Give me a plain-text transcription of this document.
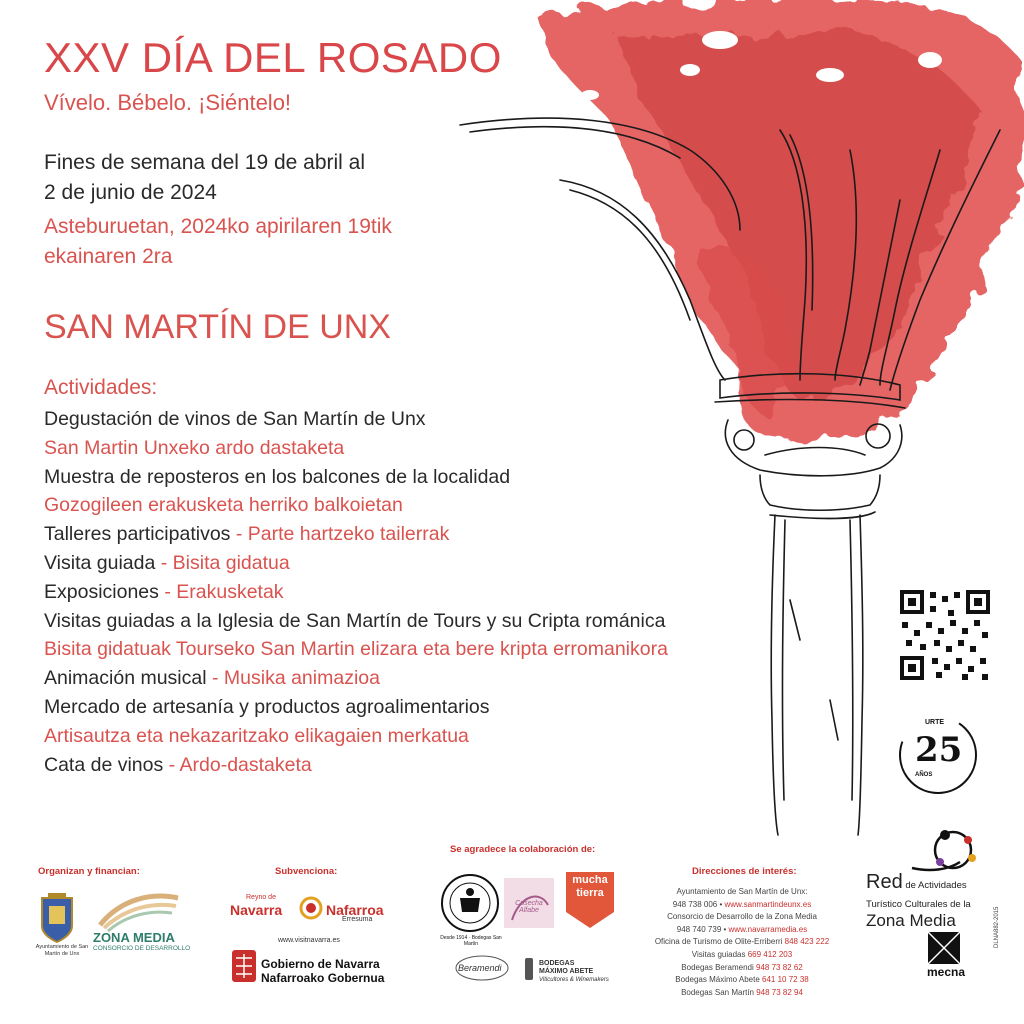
XXV DÍA DEL ROSADO
Vívelo. Bébelo. ¡Siéntelo!
Fines de semana del 19 de abril al
2 de junio de 2024
Asteburuetan, 2024ko apirilaren 19tik
ekainaren 2ra
SAN MARTÍN DE UNX
Actividades:
Degustación de vinos de San Martín de Unx
San Martin Unxeko ardo dastaketa
Muestra de reposteros en los balcones de la localidad
Gozogileen erakusketa herriko balkoietan
Talleres participativos - Parte hartzeko tailerrak
Visita guiada - Bisita gidatua
Exposiciones - Erakusketak
Visitas guiadas a la Iglesia de San Martín de Tours y su Cripta románica
Bisita gidatuak Tourseko San Martin elizara eta bere kripta erromanikora
Animación musical - Musika animazioa
Mercado de artesanía y productos agroalimentarios
Artisautza eta nekazaritzako elikagaien merkatua
Cata de vinos - Ardo-dastaketa
URTE
25
AÑOS
Organizan y financian:	Subvenciona:
Se agradece la colaboración de:
Direcciones de interés:
Ayuntamiento de San Martín de Unx
ZONA MEDIA
CONSORCIO DE DESARROLLO
Reyno de
Navarra	Nafarroa
Erresuma
www.visitnavarra.es
Gobierno de Navarra
Nafarroako Gobernua
Desde 1914 · Bodegas San Martín
Cosecha Alfabe
mucha
tierra
Beramendi	BODEGAS
MÁXIMO ABETE
Viticultores & Winemakers
Ayuntamiento de San Martín de Unx:
948 738 006 • www.sanmartindeunx.es
Consorcio de Desarrollo de la Zona Media
948 740 739 • www.navarramedia.es
Oficina de Turismo de Olite-Erriberri 848 423 222
Visitas guiadas 669 412 203
Bodegas Beramendi 948 73 82 62
Bodegas Máximo Abete 641 10 72 38
Bodegas San Martín 948 73 82 94
Red de Actividades Turístico Culturales de la
Zona Media
mecna
DLNA882-2015
